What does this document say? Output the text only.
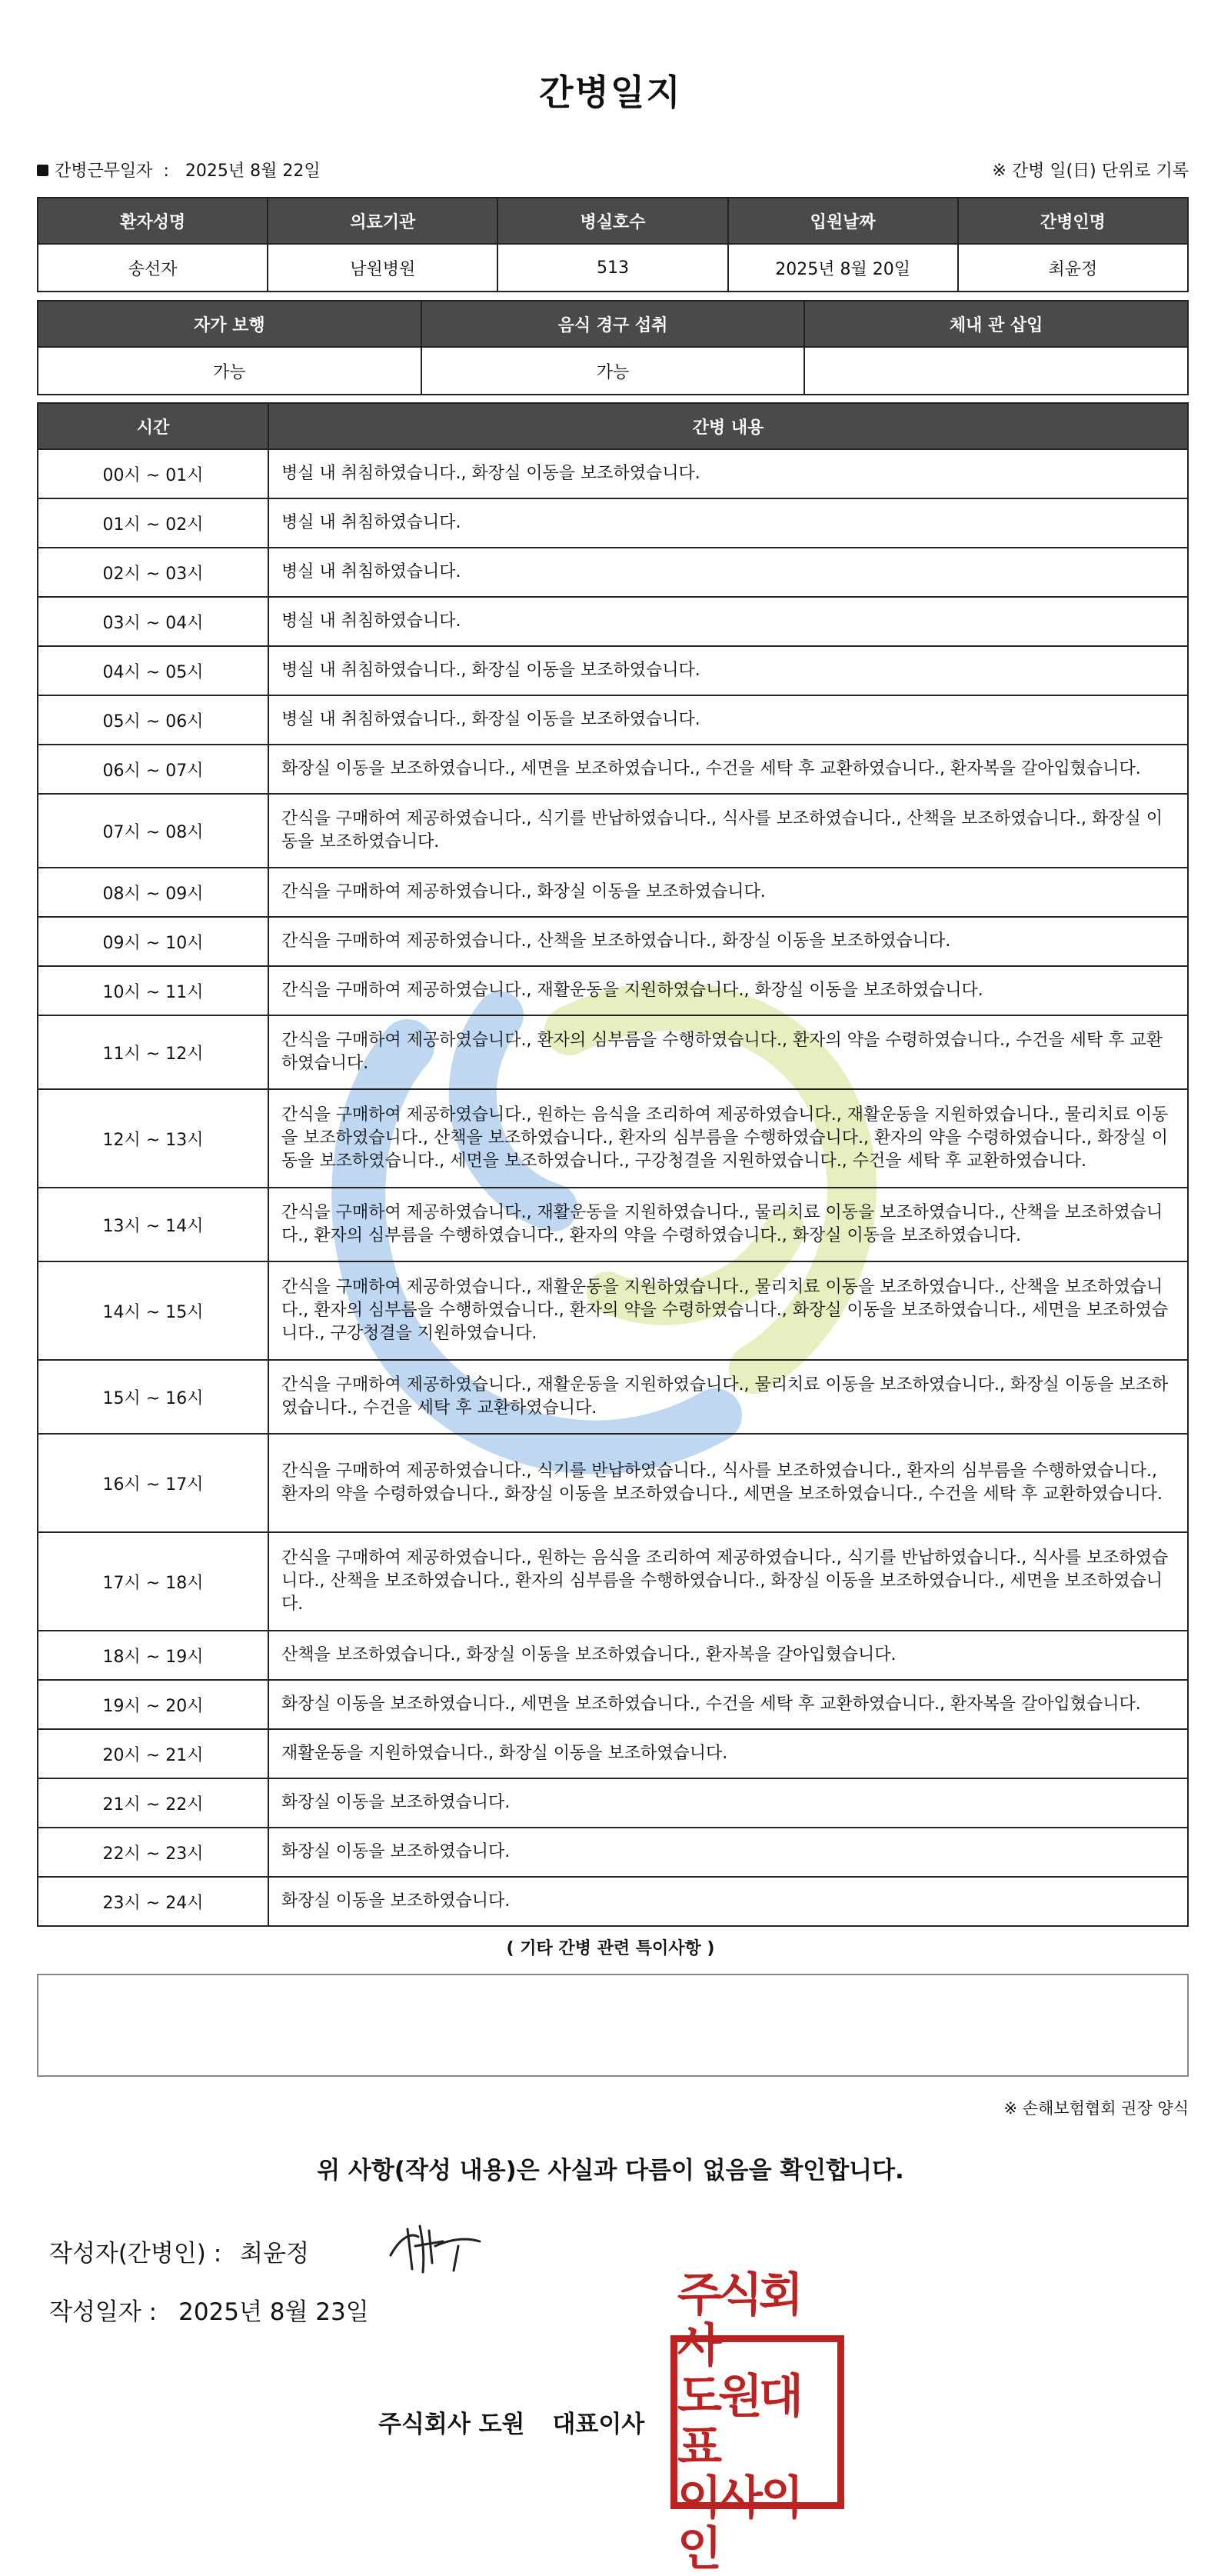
간병일지
간병근무일자 : 2025년 8월 22일	※ 간병 일(日) 단위로 기록
환자성명	의료기관	병실호수	입원날짜	간병인명
송선자	남원병원	513	2025년 8월 20일	최윤정
자가 보행	음식 경구 섭취	체내 관 삽입
가능	가능	
시간	간병 내용
00시 ~ 01시	병실 내 취침하였습니다., 화장실 이동을 보조하였습니다.
01시 ~ 02시	병실 내 취침하였습니다.
02시 ~ 03시	병실 내 취침하였습니다.
03시 ~ 04시	병실 내 취침하였습니다.
04시 ~ 05시	병실 내 취침하였습니다., 화장실 이동을 보조하였습니다.
05시 ~ 06시	병실 내 취침하였습니다., 화장실 이동을 보조하였습니다.
06시 ~ 07시	화장실 이동을 보조하였습니다., 세면을 보조하였습니다., 수건을 세탁 후 교환하였습니다., 환자복을 갈아입혔습니다.
07시 ~ 08시	간식을 구매하여 제공하였습니다., 식기를 반납하였습니다., 식사를 보조하였습니다., 산책을 보조하였습니다., 화장실 이동을 보조하였습니다.
08시 ~ 09시	간식을 구매하여 제공하였습니다., 화장실 이동을 보조하였습니다.
09시 ~ 10시	간식을 구매하여 제공하였습니다., 산책을 보조하였습니다., 화장실 이동을 보조하였습니다.
10시 ~ 11시	간식을 구매하여 제공하였습니다., 재활운동을 지원하였습니다., 화장실 이동을 보조하였습니다.
11시 ~ 12시	간식을 구매하여 제공하였습니다., 환자의 심부름을 수행하였습니다., 환자의 약을 수령하였습니다., 수건을 세탁 후 교환하였습니다.
12시 ~ 13시	간식을 구매하여 제공하였습니다., 원하는 음식을 조리하여 제공하였습니다., 재활운동을 지원하였습니다., 물리치료 이동을 보조하였습니다., 산책을 보조하였습니다., 환자의 심부름을 수행하였습니다., 환자의 약을 수령하였습니다., 화장실 이동을 보조하였습니다., 세면을 보조하였습니다., 구강청결을 지원하였습니다., 수건을 세탁 후 교환하였습니다.
13시 ~ 14시	간식을 구매하여 제공하였습니다., 재활운동을 지원하였습니다., 물리치료 이동을 보조하였습니다., 산책을 보조하였습니다., 환자의 심부름을 수행하였습니다., 환자의 약을 수령하였습니다., 화장실 이동을 보조하였습니다.
14시 ~ 15시	간식을 구매하여 제공하였습니다., 재활운동을 지원하였습니다., 물리치료 이동을 보조하였습니다., 산책을 보조하였습니다., 환자의 심부름을 수행하였습니다., 환자의 약을 수령하였습니다., 화장실 이동을 보조하였습니다., 세면을 보조하였습니다., 구강청결을 지원하였습니다.
15시 ~ 16시	간식을 구매하여 제공하였습니다., 재활운동을 지원하였습니다., 물리치료 이동을 보조하였습니다., 화장실 이동을 보조하였습니다., 수건을 세탁 후 교환하였습니다.
16시 ~ 17시	간식을 구매하여 제공하였습니다., 식기를 반납하였습니다., 식사를 보조하였습니다., 환자의 심부름을 수행하였습니다., 환자의 약을 수령하였습니다., 화장실 이동을 보조하였습니다., 세면을 보조하였습니다., 수건을 세탁 후 교환하였습니다.
17시 ~ 18시	간식을 구매하여 제공하였습니다., 원하는 음식을 조리하여 제공하였습니다., 식기를 반납하였습니다., 식사를 보조하였습니다., 산책을 보조하였습니다., 환자의 심부름을 수행하였습니다., 화장실 이동을 보조하였습니다., 세면을 보조하였습니다.
18시 ~ 19시	산책을 보조하였습니다., 화장실 이동을 보조하였습니다., 환자복을 갈아입혔습니다.
19시 ~ 20시	화장실 이동을 보조하였습니다., 세면을 보조하였습니다., 수건을 세탁 후 교환하였습니다., 환자복을 갈아입혔습니다.
20시 ~ 21시	재활운동을 지원하였습니다., 화장실 이동을 보조하였습니다.
21시 ~ 22시	화장실 이동을 보조하였습니다.
22시 ~ 23시	화장실 이동을 보조하였습니다.
23시 ~ 24시	화장실 이동을 보조하였습니다.
( 기타 간병 관련 특이사항 )
※ 손해보험협회 권장 양식
위 사항(작성 내용)은 사실과 다름이 없음을 확인합니다.
작성자(간병인) : 최윤정
작성일자 : 2025년 8월 23일
주식회사 도원 대표이사
주식회사
도원대표
이사의인
